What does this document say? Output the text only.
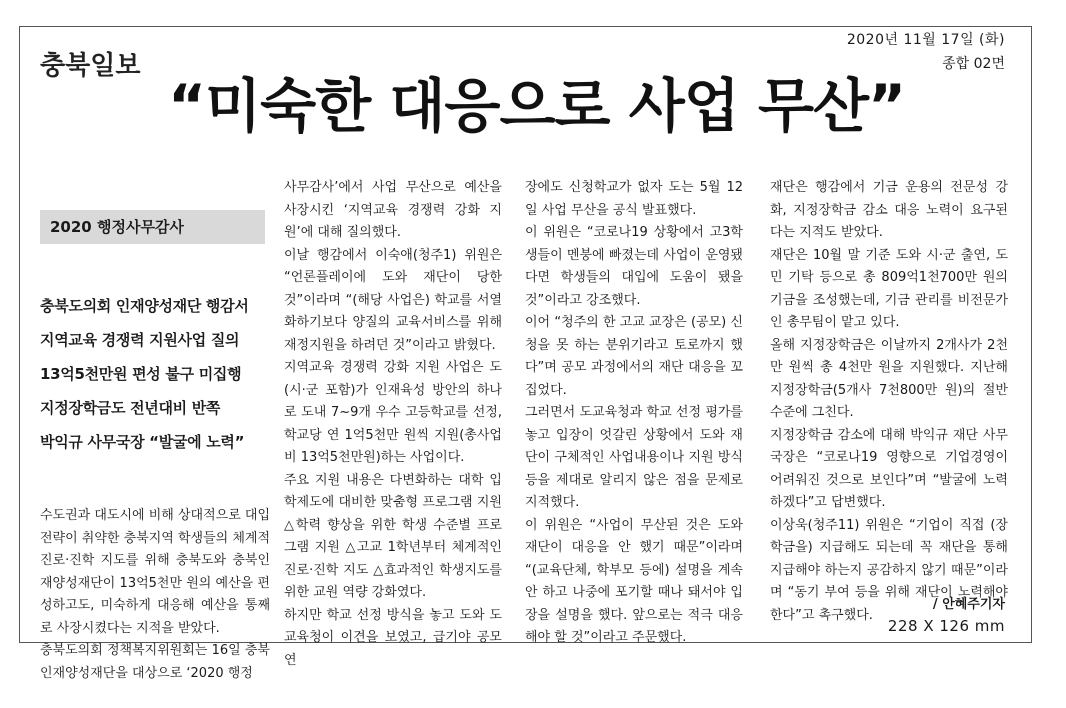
2020년 11월 17일 (화)
종합 02면
충북일보
“미숙한 대응으로 사업 무산”

2020 행정사무감사

충북도의회 인재양성재단 행감서
지역교육 경쟁력 지원사업 질의
13억5천만원 편성 불구 미집행
지정장학금도 전년대비 반쪽
박익규 사무국장 “발굴에 노력”

수도권과 대도시에 비해 상대적으로 대입 전략이 취약한 충북지역 학생들의 체계적 진로·진학 지도를 위해 충북도와 충북인재양성재단이 13억5천만 원의 예산을 편성하고도, 미숙하게 대응해 예산을 통째로 사장시켰다는 지적을 받았다.
충북도의회 정책복지위원회는 16일 충북인재양성재단을 대상으로 ‘2020 행정

사무감사’에서 사업 무산으로 예산을 사장시킨 ‘지역교육 경쟁력 강화 지원’에 대해 질의했다.
이날 행감에서 이숙애(청주1) 위원은 “언론플레이에 도와 재단이 당한 것”이라며 “(해당 사업은) 학교를 서열화하기보다 양질의 교육서비스를 위해 재정지원을 하려던 것”이라고 밝혔다.
지역교육 경쟁력 강화 지원 사업은 도(시·군 포함)가 인재육성 방안의 하나로 도내 7~9개 우수 고등학교를 선정, 학교당 연 1억5천만 원씩 지원(총사업비 13억5천만원)하는 사업이다.
주요 지원 내용은 다변화하는 대학 입학제도에 대비한 맞춤형 프로그램 지원 △학력 향상을 위한 학생 수준별 프로그램 지원 △고교 1학년부터 체계적인 진로·진학 지도 △효과적인 학생지도를 위한 교원 역량 강화였다.
하지만 학교 선정 방식을 놓고 도와 도교육청이 이견을 보였고, 급기야 공모 연
장에도 신청학교가 없자 도는 5월 12일 사업 무산을 공식 발표했다.
이 위원은 “코로나19 상황에서 고3학생들이 멘붕에 빠졌는데 사업이 운영됐다면 학생들의 대입에 도움이 됐을 것”이라고 강조했다.
이어 “청주의 한 고교 교장은 (공모) 신청을 못 하는 분위기라고 토로까지 했다”며 공모 과정에서의 재단 대응을 꼬집었다.
그러면서 도교육청과 학교 선정 평가를 놓고 입장이 엇갈린 상황에서 도와 재단이 구체적인 사업내용이나 지원 방식 등을 제대로 알리지 않은 점을 문제로 지적했다.
이 위원은 “사업이 무산된 것은 도와 재단이 대응을 안 했기 때문”이라며 “(교육단체, 학부모 등에) 설명을 계속 안 하고 나중에 포기할 때나 돼서야 입장을 설명을 했다. 앞으로는 적극 대응해야 할 것”이라고 주문했다.
재단은 행감에서 기금 운용의 전문성 강화, 지정장학금 감소 대응 노력이 요구된다는 지적도 받았다.
재단은 10월 말 기준 도와 시·군 출연, 도민 기탁 등으로 총 809억1천700만 원의 기금을 조성했는데, 기금 관리를 비전문가인 총무팀이 맡고 있다.
올해 지정장학금은 이날까지 2개사가 2천만 원씩 총 4천만 원을 지원했다. 지난해 지정장학금(5개사 7천800만 원)의 절반 수준에 그친다.
지정장학금 감소에 대해 박익규 재단 사무국장은 “코로나19 영향으로 기업경영이 어려워진 것으로 보인다”며 “발굴에 노력하겠다”고 답변했다.
이상욱(청주11) 위원은 “기업이 직접 (장학금을) 지급해도 되는데 꼭 재단을 통해 지급해야 하는지 공감하지 않기 때문”이라며 “동기 부여 등을 위해 재단이 노력해야 한다”고 촉구했다.
/ 안혜주기자
228 X 126 mm
